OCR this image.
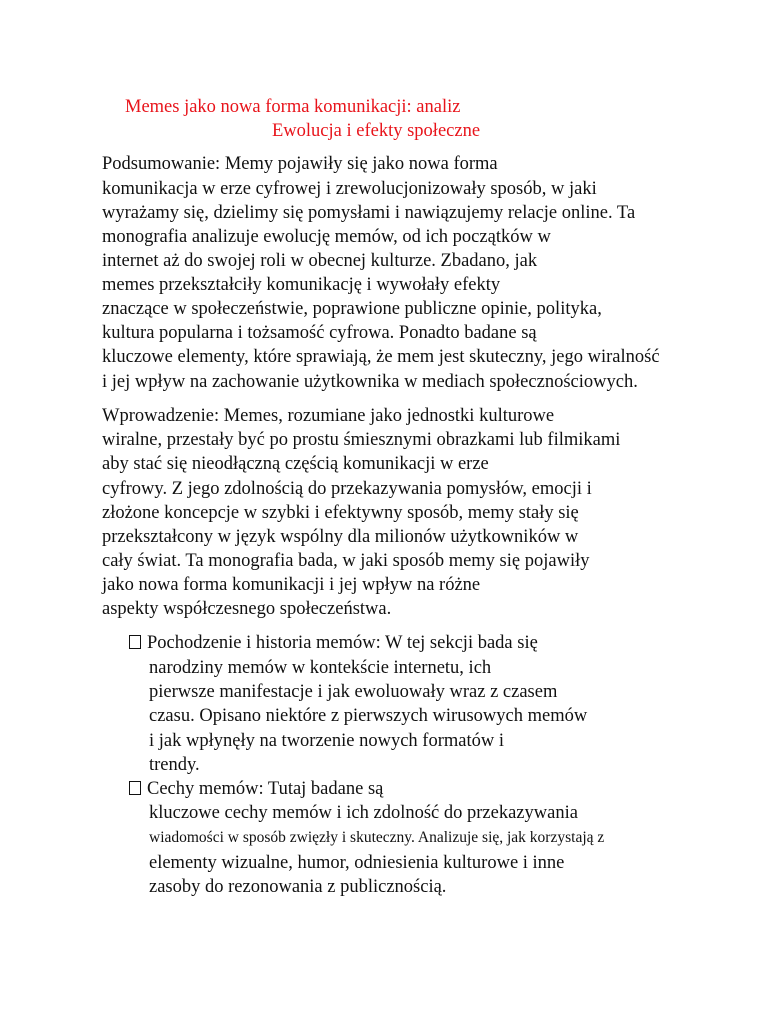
Memes jako nowa forma komunikacji: analiz
Ewolucja i efekty społeczne
Podsumowanie: Memy pojawiły się jako nowa forma
komunikacja w erze cyfrowej i zrewolucjonizowały sposób, w jaki
wyrażamy się, dzielimy się pomysłami i nawiązujemy relacje online. Ta
monografia analizuje ewolucję memów, od ich początków w
internet aż do swojej roli w obecnej kulturze. Zbadano, jak
memes przekształciły komunikację i wywołały efekty
znaczące w społeczeństwie, poprawione publiczne opinie, polityka,
kultura popularna i tożsamość cyfrowa. Ponadto badane są
kluczowe elementy, które sprawiają, że mem jest skuteczny, jego wiralność
i jej wpływ na zachowanie użytkownika w mediach społecznościowych.
Wprowadzenie: Memes, rozumiane jako jednostki kulturowe
wiralne, przestały być po prostu śmiesznymi obrazkami lub filmikami
aby stać się nieodłączną częścią komunikacji w erze
cyfrowy. Z jego zdolnością do przekazywania pomysłów, emocji i
złożone koncepcje w szybki i efektywny sposób, memy stały się
przekształcony w język wspólny dla milionów użytkowników w
cały świat. Ta monografia bada, w jaki sposób memy się pojawiły
jako nowa forma komunikacji i jej wpływ na różne
aspekty współczesnego społeczeństwa.
Pochodzenie i historia memów: W tej sekcji bada się
narodziny memów w kontekście internetu, ich
pierwsze manifestacje i jak ewoluowały wraz z czasem
czasu. Opisano niektóre z pierwszych wirusowych memów
i jak wpłynęły na tworzenie nowych formatów i
trendy.
Cechy memów: Tutaj badane są
kluczowe cechy memów i ich zdolność do przekazywania
wiadomości w sposób zwięzły i skuteczny. Analizuje się, jak korzystają z
elementy wizualne, humor, odniesienia kulturowe i inne
zasoby do rezonowania z publicznością.
